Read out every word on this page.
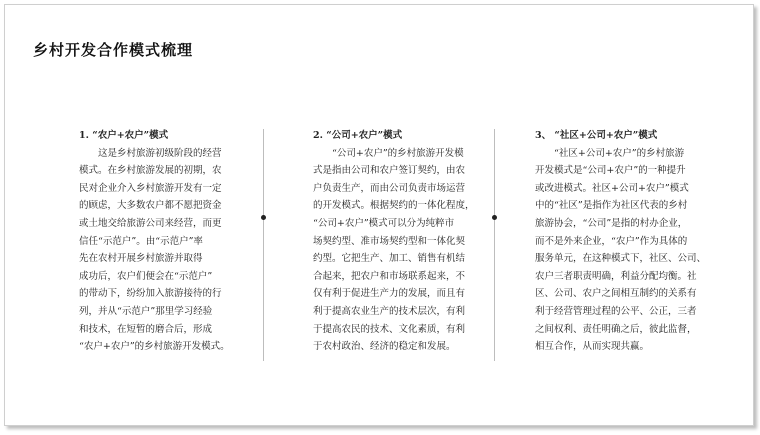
乡村开发合作模式梳理
1. “农户+农户”模式
　　这是乡村旅游初级阶段的经营
模式。在乡村旅游发展的初期，农
民对企业介入乡村旅游开发有一定
的顾虑，大多数农户都不愿把资金
或土地交给旅游公司来经营，而更
信任“示范户”。由“示范户”率
先在农村开展乡村旅游并取得
成功后，农户们便会在“示范户”
的带动下，纷纷加入旅游接待的行
列，并从“示范户”那里学习经验
和技术，在短暂的磨合后，形成
“农户+农户”的乡村旅游开发模式。
2. “公司+农户”模式
　　“公司+农户”的乡村旅游开发模
式是指由公司和农户签订契约，由农
户负责生产，而由公司负责市场运营
的开发模式。根据契约的一体化程度，
“公司+农户”模式可以分为纯粹市
场契约型、准市场契约型和一体化契
约型。它把生产、加工、销售有机结
合起来，把农户和市场联系起来，不
仅有利于促进生产力的发展，而且有
利于提高农业生产的技术层次，有利
于提高农民的技术、文化素质，有利
于农村政治、经济的稳定和发展。
3、 “社区+公司+农户”模式
　　“社区+公司+农户”的乡村旅游
开发模式是“公司+农户”的一种提升
或改进模式。社区+公司+农户”模式
中的“社区”是指作为社区代表的乡村
旅游协会，“公司”是指的村办企业，
而不是外来企业，“农户”作为具体的
服务单元，在这种模式下，社区、公司、
农户三者职责明确，利益分配均衡。社
区、公司、农户之间相互制约的关系有
利于经营管理过程的公平、公正，三者
之间权利、责任明确之后，彼此监督，
相互合作，从而实现共赢。
